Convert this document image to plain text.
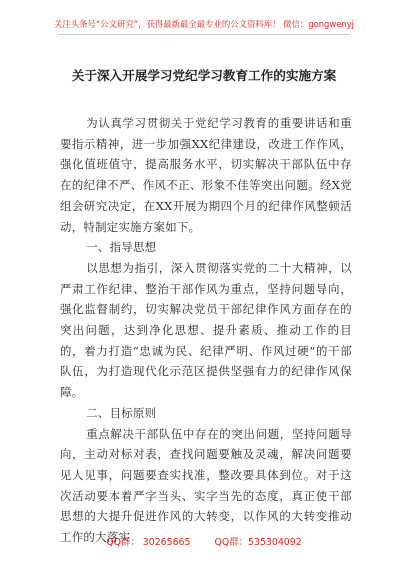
关注头条号“公文研究”，获得最新最全最专业的公文资料库！ 微信：gongwenyj
关于深入开展学习党纪学习教育工作的实施方案

为认真学习贯彻关于党纪学习教育的重要讲话和重要指示精神，进一步加强XX纪律建设，改进工作作风，强化值班值守，提高服务水平，切实解决干部队伍中存在的纪律不严、作风不正、形象不佳等突出问题。经X党组会研究决定，在XX开展为期四个月的纪律作风整顿活动，特制定实施方案如下。

一、指导思想

以思想为指引，深入贯彻落实党的二十大精神，以严肃工作纪律、整治干部作风为重点，坚持问题导向，强化监督制约，切实解决党员干部纪律作风方面存在的突出问题，达到净化思想、提升素质、推动工作的目的，着力打造“忠诚为民、纪律严明、作风过硬”的干部队伍，为打造现代化示范区提供坚强有力的纪律作风保障。

二、目标原则

重点解决干部队伍中存在的突出问题，坚持问题导向，主动对标对表，查找问题要触及灵魂，解决问题要见人见事，问题要查实找准，整改要具体到位。对于这次活动要本着严字当头、实字当先的态度，真正使干部思想的大提升促进作风的大转变，以作风的大转变推动工作的大落实

QQ群： 30265665	QQ群：535304092
